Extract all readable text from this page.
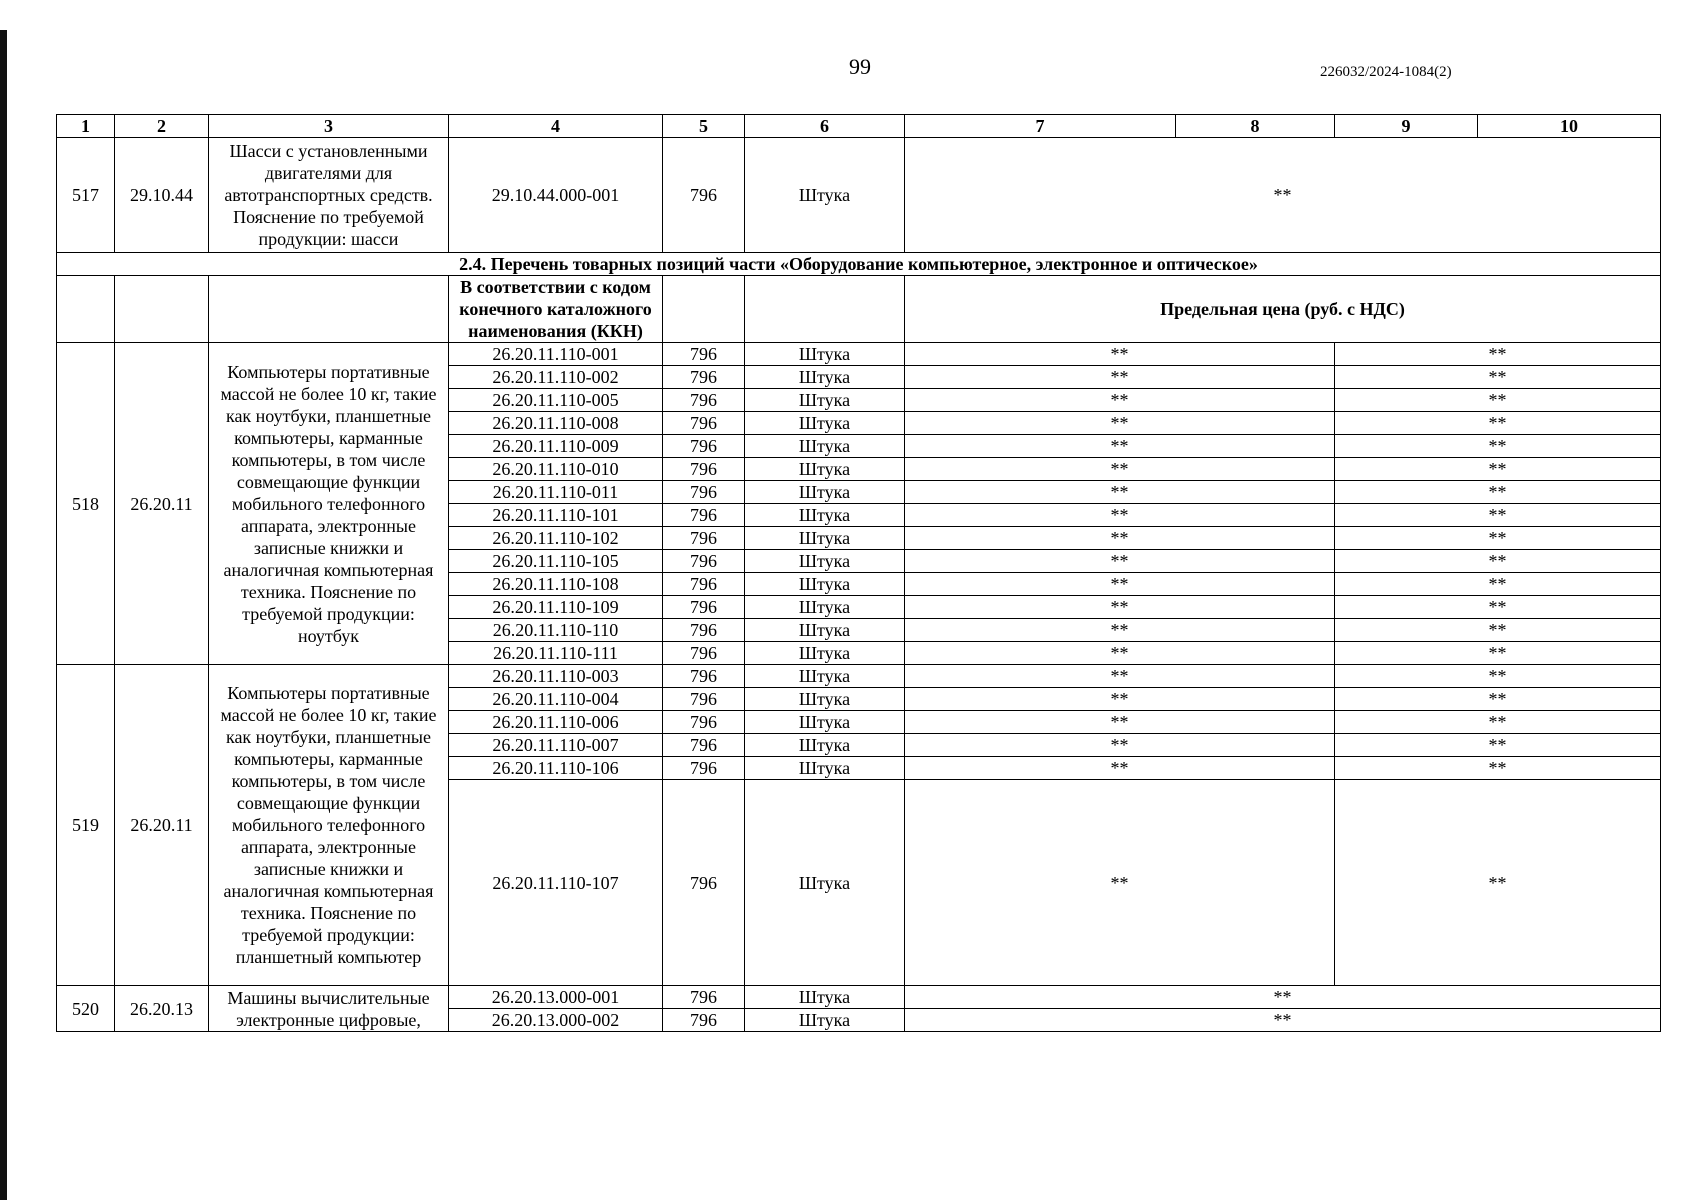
99	226032/2024-1084(2)
1	2	3	4	5	6	7	8	9	10
517	29.10.44	Шасси с установленными двигателями для автотранспортных средств. Пояснение по требуемой продукции: шасси	29.10.44.000-001	796	Штука	**			
2.4. Перечень товарных позиций части «Оборудование компьютерное, электронное и оптическое»									
			В соответствии с кодом конечного каталожного наименования (ККН)			Предельная цена (руб. с НДС)			
518	26.20.11	Компьютеры портативные массой не более 10 кг, такие как ноутбуки, планшетные компьютеры, карманные компьютеры, в том числе совмещающие функции мобильного телефонного аппарата, электронные записные книжки и аналогичная компьютерная техника. Пояснение по требуемой продукции: ноутбук	26.20.11.110-001	796	Штука	**		**	
			26.20.11.110-002	796	Штука	**		**	
			26.20.11.110-005	796	Штука	**		**	
			26.20.11.110-008	796	Штука	**		**	
			26.20.11.110-009	796	Штука	**		**	
			26.20.11.110-010	796	Штука	**		**	
			26.20.11.110-011	796	Штука	**		**	
			26.20.11.110-101	796	Штука	**		**	
			26.20.11.110-102	796	Штука	**		**	
			26.20.11.110-105	796	Штука	**		**	
			26.20.11.110-108	796	Штука	**		**	
			26.20.11.110-109	796	Штука	**		**	
			26.20.11.110-110	796	Штука	**		**	
			26.20.11.110-111	796	Штука	**		**	
519	26.20.11	Компьютеры портативные массой не более 10 кг, такие как ноутбуки, планшетные компьютеры, карманные компьютеры, в том числе совмещающие функции мобильного телефонного аппарата, электронные записные книжки и аналогичная компьютерная техника. Пояснение по требуемой продукции: планшетный компьютер	26.20.11.110-003	796	Штука	**		**	
			26.20.11.110-004	796	Штука	**		**	
			26.20.11.110-006	796	Штука	**		**	
			26.20.11.110-007	796	Штука	**		**	
			26.20.11.110-106	796	Штука	**		**	
			26.20.11.110-107	796	Штука	**		**	
520	26.20.13	Машины вычислительные электронные цифровые,	26.20.13.000-001	796	Штука	**			
			26.20.13.000-002	796	Штука	**			
